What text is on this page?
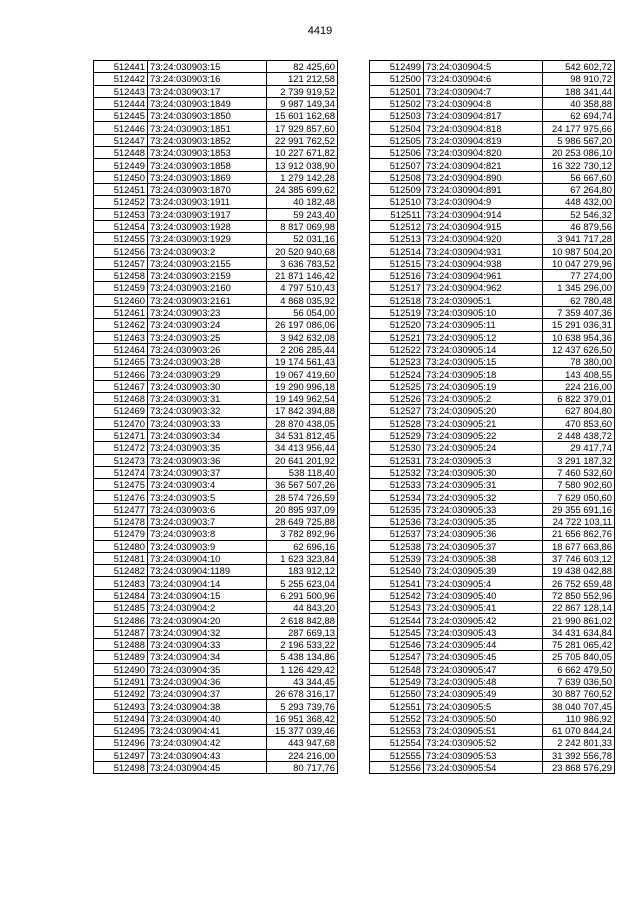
4419
512441	73:24:030903:15	82 425,60
512442	73:24:030903:16	121 212,58
512443	73:24:030903:17	2 739 919,52
512444	73:24:030903:1849	9 987 149,34
512445	73:24:030903:1850	15 601 162,68
512446	73:24:030903:1851	17 929 857,60
512447	73:24:030903:1852	22 991 762,52
512448	73:24:030903:1853	10 227 671,82
512449	73:24:030903:1858	13 912 038,90
512450	73:24:030903:1869	1 279 142,28
512451	73:24:030903:1870	24 385 699,62
512452	73:24:030903:1911	40 182,48
512453	73:24:030903:1917	59 243,40
512454	73:24:030903:1928	8 817 069,98
512455	73:24:030903:1929	52 031,16
512456	73:24:030903:2	20 520 940,68
512457	73:24:030903:2155	3 636 783,52
512458	73:24:030903:2159	21 871 146,42
512459	73:24:030903:2160	4 797 510,43
512460	73:24:030903:2161	4 868 035,92
512461	73:24:030903:23	56 054,00
512462	73:24:030903:24	26 197 086,06
512463	73:24:030903:25	3 942 632,08
512464	73:24:030903:26	2 206 285,44
512465	73:24:030903:28	19 174 561,43
512466	73:24:030903:29	19 067 419,60
512467	73:24:030903:30	19 290 996,18
512468	73:24:030903:31	19 149 962,54
512469	73:24:030903:32	17 842 394,88
512470	73:24:030903:33	28 870 438,05
512471	73:24:030903:34	34 531 812,45
512472	73:24:030903:35	34 413 956,44
512473	73:24:030903:36	20 641 201,92
512474	73:24:030903:37	538 118,40
512475	73:24:030903:4	36 567 507,26
512476	73:24:030903:5	28 574 726,59
512477	73:24:030903:6	20 895 937,09
512478	73:24:030903:7	28 649 725,88
512479	73:24:030903:8	3 782 892,96
512480	73:24:030903:9	62 696,16
512481	73:24:030904:10	1 623 323,84
512482	73:24:030904:1189	183 912,12
512483	73:24:030904:14	5 255 623,04
512484	73:24:030904:15	6 291 500,96
512485	73:24:030904:2	44 843,20
512486	73:24:030904:20	2 618 842,88
512487	73:24:030904:32	287 669,13
512488	73:24:030904:33	2 196 533,22
512489	73:24:030904:34	5 438 134,86
512490	73:24:030904:35	1 126 429,42
512491	73:24:030904:36	43 344,45
512492	73:24:030904:37	26 678 316,17
512493	73:24:030904:38	5 293 739,76
512494	73:24:030904:40	16 951 368,42
512495	73:24:030904:41	15 377 039,46
512496	73:24:030904:42	443 947,68
512497	73:24:030904:43	224 216,00
512498	73:24:030904:45	80 717,76
512499	73:24:030904:5	542 602,72
512500	73:24:030904:6	98 910,72
512501	73:24:030904:7	188 341,44
512502	73:24:030904:8	40 358,88
512503	73:24:030904:817	62 694,74
512504	73:24:030904:818	24 177 975,66
512505	73:24:030904:819	5 986 567,20
512506	73:24:030904:820	20 253 086,10
512507	73:24:030904:821	16 322 730,12
512508	73:24:030904:890	56 667,60
512509	73:24:030904:891	67 264,80
512510	73:24:030904:9	448 432,00
512511	73:24:030904:914	52 546,32
512512	73:24:030904:915	46 879,56
512513	73:24:030904:920	3 941 717,28
512514	73:24:030904:931	10 987 504,20
512515	73:24:030904:938	10 047 279,96
512516	73:24:030904:961	77 274,00
512517	73:24:030904:962	1 345 296,00
512518	73:24:030905:1	62 780,48
512519	73:24:030905:10	7 359 407,36
512520	73:24:030905:11	15 291 036,31
512521	73:24:030905:12	10 638 954,36
512522	73:24:030905:14	12 437 626,50
512523	73:24:030905:15	78 380,00
512524	73:24:030905:18	143 408,55
512525	73:24:030905:19	224 216,00
512526	73:24:030905:2	6 822 379,01
512527	73:24:030905:20	627 804,80
512528	73:24:030905:21	470 853,60
512529	73:24:030905:22	2 448 438,72
512530	73:24:030905:24	29 417,74
512531	73:24:030905:3	3 291 187,32
512532	73:24:030905:30	7 460 532,60
512533	73:24:030905:31	7 580 902,60
512534	73:24:030905:32	7 629 050,60
512535	73:24:030905:33	29 355 691,16
512536	73:24:030905:35	24 722 103,11
512537	73:24:030905:36	21 656 862,76
512538	73:24:030905:37	18 677 663,86
512539	73:24:030905:38	37 746 603,12
512540	73:24:030905:39	19 438 042,88
512541	73:24:030905:4	26 752 659,48
512542	73:24:030905:40	72 850 552,96
512543	73:24:030905:41	22 867 128,14
512544	73:24:030905:42	21 990 861,02
512545	73:24:030905:43	34 431 634,84
512546	73:24:030905:44	75 281 065,42
512547	73:24:030905:45	25 705 840,05
512548	73:24:030905:47	6 662 479,50
512549	73:24:030905:48	7 639 036,50
512550	73:24:030905:49	30 887 760,52
512551	73:24:030905:5	38 040 707,45
512552	73:24:030905:50	110 986,92
512553	73:24:030905:51	61 070 844,24
512554	73:24:030905:52	2 242 801,33
512555	73:24:030905:53	31 392 556,78
512556	73:24:030905:54	23 868 576,29
